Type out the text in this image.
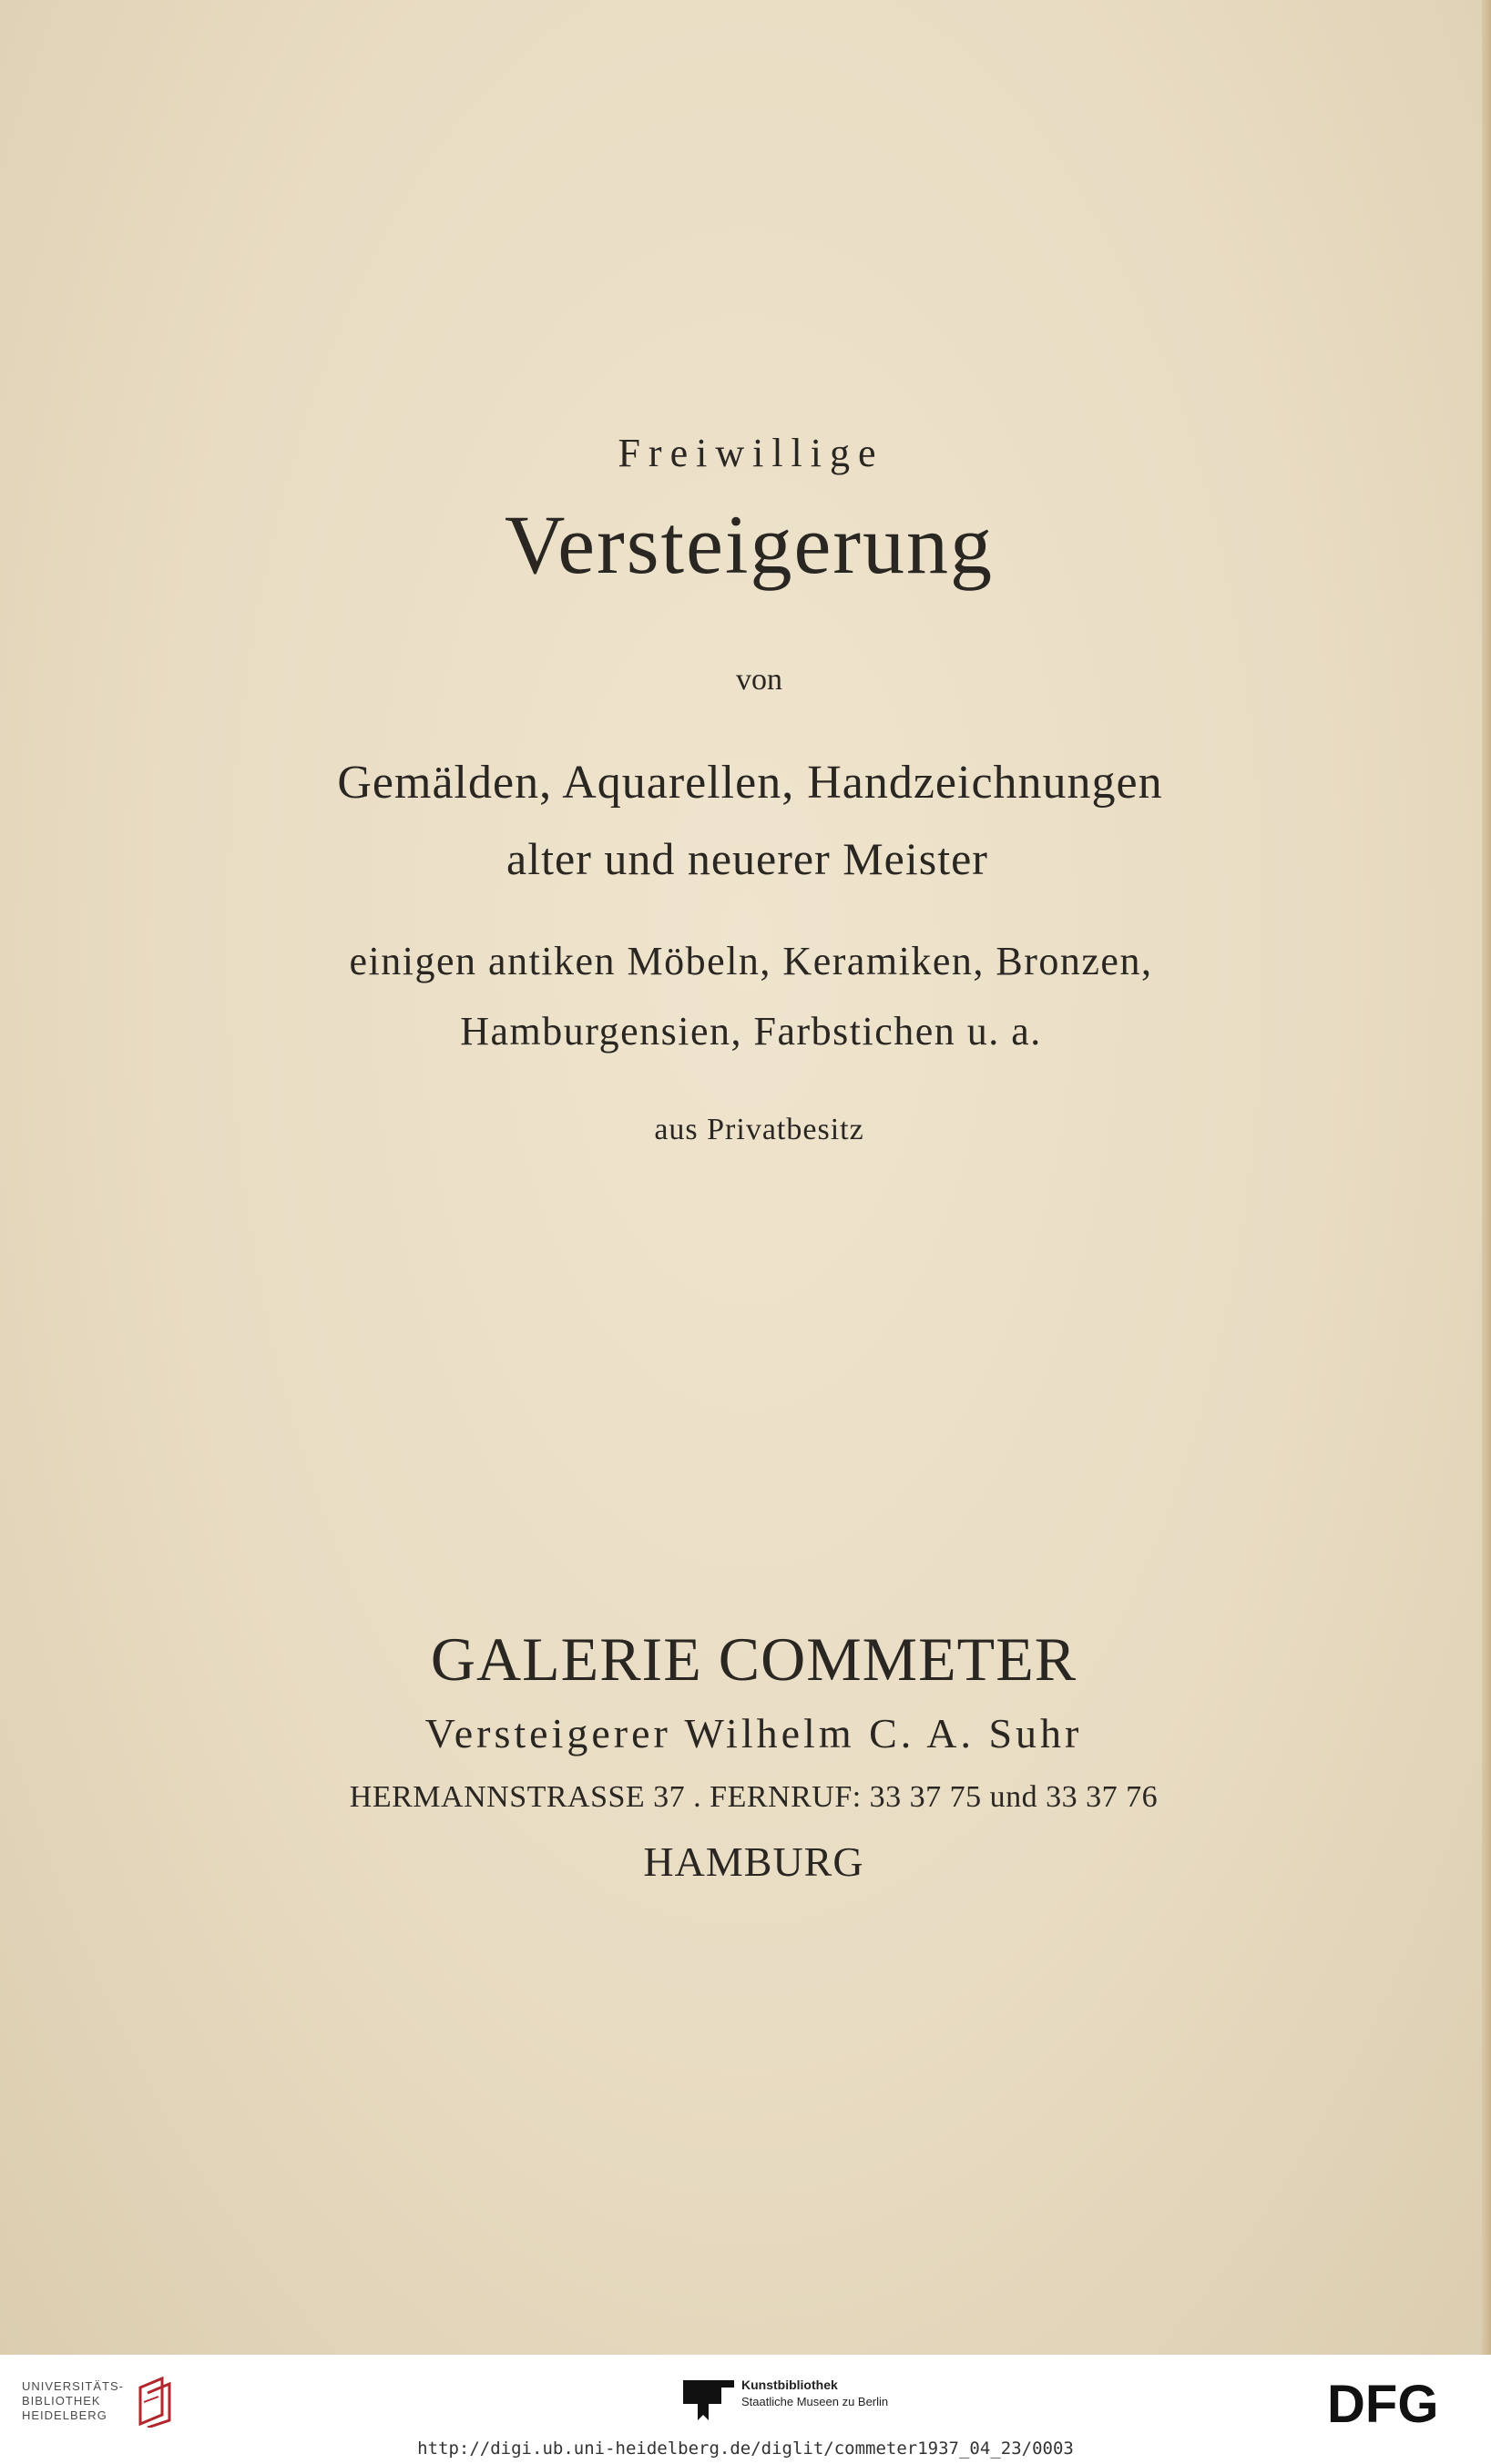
Freiwillige
Versteigerung
von
Gemälden, Aquarellen, Handzeichnungen
alter und neuerer Meister
einigen antiken Möbeln, Keramiken, Bronzen,
Hamburgensien, Farbstichen u. a.
aus Privatbesitz
GALERIE COMMETER
Versteigerer Wilhelm C. A. Suhr
HERMANNSTRASSE 37 . FERNRUF: 33 37 75 und 33 37 76
HAMBURG
UNIVERSITÄTS-
BIBLIOTHEK
HEIDELBERG
Kunstbibliothek
Staatliche Museen zu Berlin	DFG
http://digi.ub.uni-heidelberg.de/diglit/commeter1937_04_23/0003
